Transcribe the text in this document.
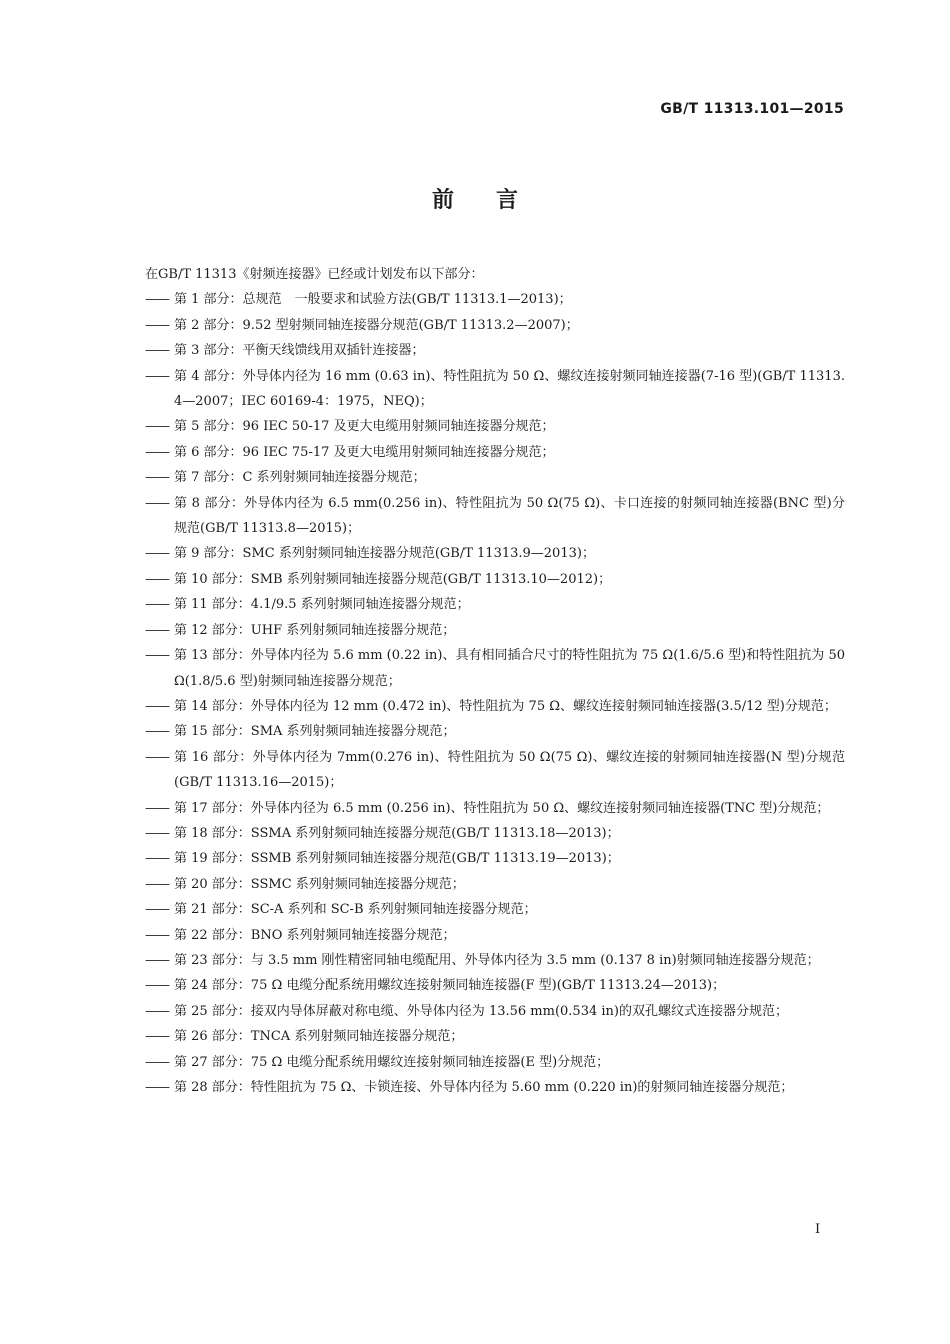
GB/T 11313.101—2015
前言

在GB/T 11313《射频连接器》已经或计划发布以下部分：

—— 第 1 部分：总规范　一般要求和试验方法(GB/T 11313.1—2013)；
—— 第 2 部分：9.52 型射频同轴连接器分规范(GB/T 11313.2—2007)；
—— 第 3 部分：平衡天线馈线用双插针连接器；
—— 第 4 部分：外导体内径为 16 mm (0.63 in)、特性阻抗为 50 Ω、螺纹连接射频同轴连接器(7-16 型)(GB/T 11313.4—2007；IEC 60169-4：1975，NEQ)；
—— 第 5 部分：96 IEC 50-17 及更大电缆用射频同轴连接器分规范；
—— 第 6 部分：96 IEC 75-17 及更大电缆用射频同轴连接器分规范；
—— 第 7 部分：C 系列射频同轴连接器分规范；
—— 第 8 部分：外导体内径为 6.5 mm(0.256 in)、特性阻抗为 50 Ω(75 Ω)、卡口连接的射频同轴连接器(BNC 型)分规范(GB/T 11313.8—2015)；
—— 第 9 部分：SMC 系列射频同轴连接器分规范(GB/T 11313.9—2013)；
—— 第 10 部分：SMB 系列射频同轴连接器分规范(GB/T 11313.10—2012)；
—— 第 11 部分：4.1/9.5 系列射频同轴连接器分规范；
—— 第 12 部分：UHF 系列射频同轴连接器分规范；
—— 第 13 部分：外导体内径为 5.6 mm (0.22 in)、具有相同插合尺寸的特性阻抗为 75 Ω(1.6/5.6 型)和特性阻抗为 50 Ω(1.8/5.6 型)射频同轴连接器分规范；
—— 第 14 部分：外导体内径为 12 mm (0.472 in)、特性阻抗为 75 Ω、螺纹连接射频同轴连接器(3.5/12 型)分规范；
—— 第 15 部分：SMA 系列射频同轴连接器分规范；
—— 第 16 部分：外导体内径为 7mm(0.276 in)、特性阻抗为 50 Ω(75 Ω)、螺纹连接的射频同轴连接器(N 型)分规范(GB/T 11313.16—2015)；
—— 第 17 部分：外导体内径为 6.5 mm (0.256 in)、特性阻抗为 50 Ω、螺纹连接射频同轴连接器(TNC 型)分规范；
—— 第 18 部分：SSMA 系列射频同轴连接器分规范(GB/T 11313.18—2013)；
—— 第 19 部分：SSMB 系列射频同轴连接器分规范(GB/T 11313.19—2013)；
—— 第 20 部分：SSMC 系列射频同轴连接器分规范；
—— 第 21 部分：SC-A 系列和 SC-B 系列射频同轴连接器分规范；
—— 第 22 部分：BNO 系列射频同轴连接器分规范；
—— 第 23 部分：与 3.5 mm 刚性精密同轴电缆配用、外导体内径为 3.5 mm (0.137 8 in)射频同轴连接器分规范；
—— 第 24 部分：75 Ω 电缆分配系统用螺纹连接射频同轴连接器(F 型)(GB/T 11313.24—2013)；
—— 第 25 部分：接双内导体屏蔽对称电缆、外导体内径为 13.56 mm(0.534 in)的双孔螺纹式连接器分规范；
—— 第 26 部分：TNCA 系列射频同轴连接器分规范；
—— 第 27 部分：75 Ω 电缆分配系统用螺纹连接射频同轴连接器(E 型)分规范；
—— 第 28 部分：特性阻抗为 75 Ω、卡锁连接、外导体内径为 5.60 mm (0.220 in)的射频同轴连接器分规范；
I
